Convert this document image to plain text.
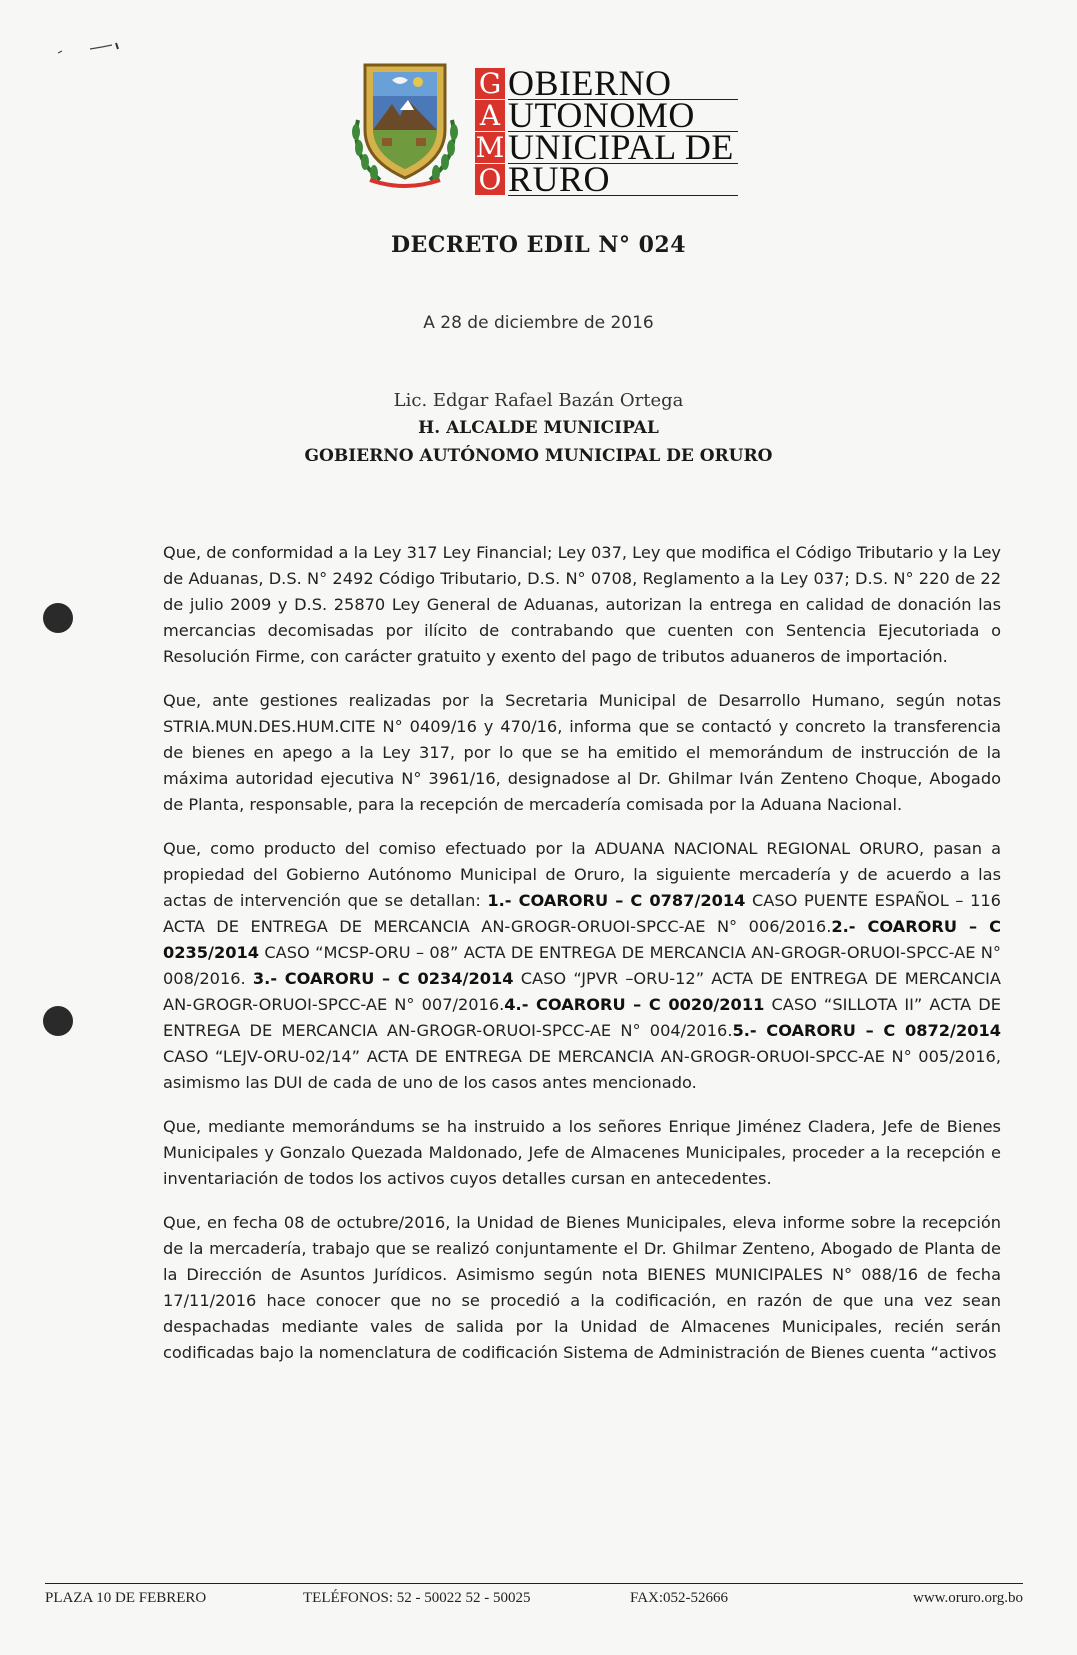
G
A
M
O
OBIERNO
UTONOMO
UNICIPAL DE
RURO
DECRETO EDIL N° 024
A 28 de diciembre de 2016
Lic. Edgar Rafael Bazán Ortega
H. ALCALDE MUNICIPAL
GOBIERNO AUTÓNOMO MUNICIPAL DE ORURO

Que, de conformidad a la Ley 317 Ley Financial; Ley 037, Ley que modifica el Código Tributario y la Ley de Aduanas, D.S. N° 2492 Código Tributario, D.S. N° 0708, Reglamento a la Ley 037; D.S. N° 220 de 22 de julio 2009 y D.S. 25870 Ley General de Aduanas, autorizan la entrega en calidad de donación las mercancias decomisadas por ilícito de contrabando que cuenten con Sentencia Ejecutoriada o Resolución Firme, con carácter gratuito y exento del pago de tributos aduaneros de importación.

Que, ante gestiones realizadas por la Secretaria Municipal de Desarrollo Humano, según notas STRIA.MUN.DES.HUM.CITE N° 0409/16 y 470/16, informa que se contactó y concreto la transferencia de bienes en apego a la Ley 317, por lo que se ha emitido el memorándum de instrucción de la máxima autoridad ejecutiva N° 3961/16, designadose al Dr. Ghilmar Iván Zenteno Choque, Abogado de Planta, responsable, para la recepción de mercadería comisada por la Aduana Nacional.

Que, como producto del comiso efectuado por la ADUANA NACIONAL REGIONAL ORURO, pasan a propiedad del Gobierno Autónomo Municipal de Oruro, la siguiente mercadería y de acuerdo a las actas de intervención que se detallan: 1.- COARORU – C 0787/2014 CASO PUENTE ESPAÑOL – 116 ACTA DE ENTREGA DE MERCANCIA AN-GROGR-ORUOI-SPCC-AE N° 006/2016.2.- COARORU – C 0235/2014 CASO “MCSP-ORU – 08” ACTA DE ENTREGA DE MERCANCIA AN-GROGR-ORUOI-SPCC-AE N° 008/2016. 3.- COARORU – C 0234/2014 CASO “JPVR –ORU-12” ACTA DE ENTREGA DE MERCANCIA AN-GROGR-ORUOI-SPCC-AE N° 007/2016.4.- COARORU – C 0020/2011 CASO “SILLOTA II” ACTA DE ENTREGA DE MERCANCIA AN-GROGR-ORUOI-SPCC-AE N° 004/2016.5.- COARORU – C 0872/2014 CASO “LEJV-ORU-02/14” ACTA DE ENTREGA DE MERCANCIA AN-GROGR-ORUOI-SPCC-AE N° 005/2016, asimismo las DUI de cada de uno de los casos antes mencionado.

Que, mediante memorándums se ha instruido a los señores Enrique Jiménez Cladera, Jefe de Bienes Municipales y Gonzalo Quezada Maldonado, Jefe de Almacenes Municipales, proceder a la recepción e inventariación de todos los activos cuyos detalles cursan en antecedentes.

Que, en fecha 08 de octubre/2016, la Unidad de Bienes Municipales, eleva informe sobre la recepción de la mercadería, trabajo que se realizó conjuntamente el Dr. Ghilmar Zenteno, Abogado de Planta de la Dirección de Asuntos Jurídicos. Asimismo según nota BIENES MUNICIPALES N° 088/16 de fecha 17/11/2016 hace conocer que no se procedió a la codificación, en razón de que una vez sean despachadas mediante vales de salida por la Unidad de Almacenes Municipales, recién serán codificadas bajo la nomenclatura de codificación Sistema de Administración de Bienes cuenta “activos

PLAZA 10 DE FEBRERO	TELÉFONOS: 52 - 50022 52 - 50025	FAX:052-52666	www.oruro.org.bo
